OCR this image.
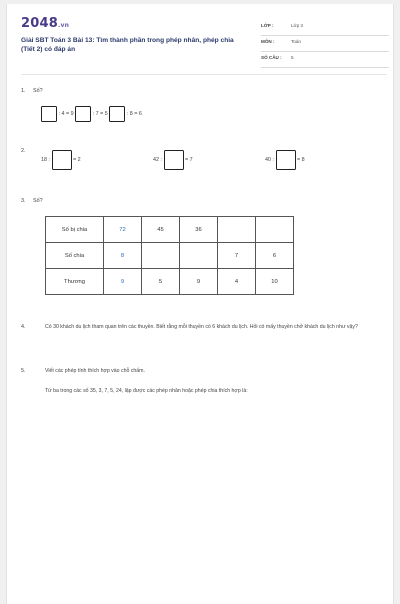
2048.vn
Giải SBT Toán 3 Bài 13: Tìm thành phần trong phép nhân, phép chia (Tiết 2) có đáp án
LỚP :	Lớp 3
MÔN :	Toán
SỐ CÂU : 5
1. Số?
: 4 = 9	: 7 = 5	: 8 = 6
2.
18 :	= 2	42 :	= 7	40 :	= 8
3. Số?
Số bị chia	72	45	36		
Số chia	8			7	6
Thương	9	5	9	4	10
4.	Có 30 khách du lịch tham quan trên các thuyền. Biết rằng mỗi thuyền có 6 khách du lịch. Hỏi có mấy thuyền chở khách du lịch như vậy?
5.	Viết các phép tính thích hợp vào chỗ chấm.
Từ ba trong các số 35, 3, 7, 5, 24, lập được các phép nhân hoặc phép chia thích hợp là:
